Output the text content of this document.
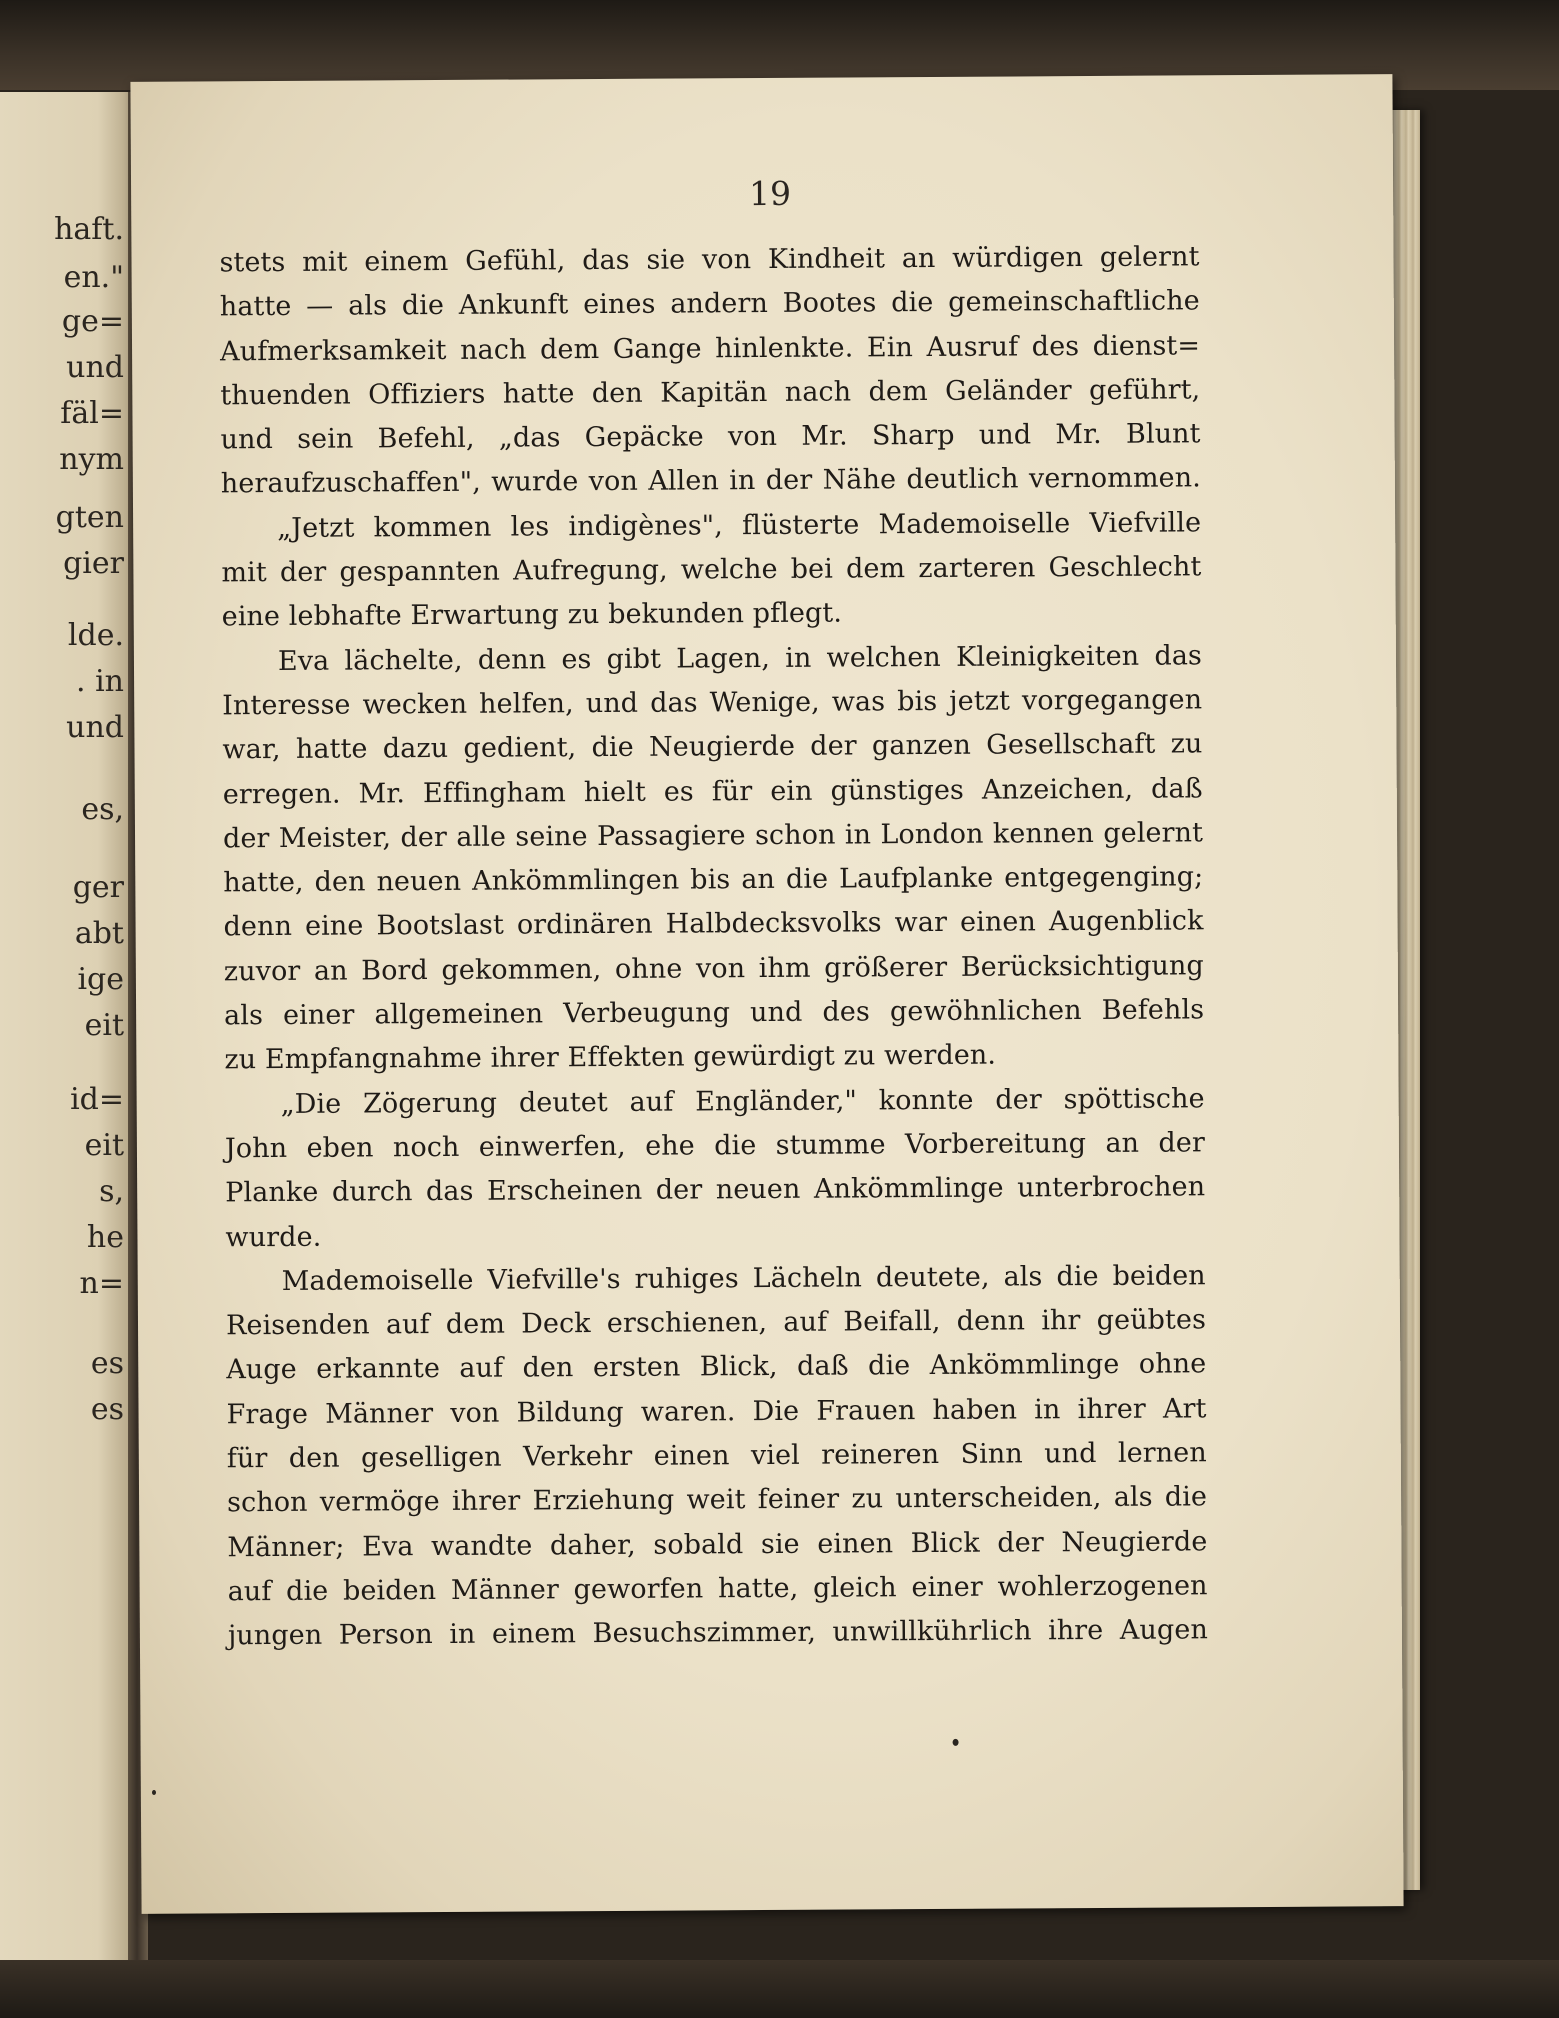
haft.
en."
ge=
und
fäl=
nym
gten
gier
lde.
. in
und
es,
ger
abt
ige
eit
id=
eit
s,
he
n=
es
es
19
stets mit einem Gefühl, das sie von Kindheit an würdigen gelernt
hatte — als die Ankunft eines andern Bootes die gemeinschaftliche
Aufmerksamkeit nach dem Gange hinlenkte. Ein Ausruf des dienst=
thuenden Offiziers hatte den Kapitän nach dem Geländer geführt,
und sein Befehl, „das Gepäcke von Mr. Sharp und Mr. Blunt
heraufzuschaffen", wurde von Allen in der Nähe deutlich vernommen.
„Jetzt kommen les indigènes", flüsterte Mademoiselle Viefville
mit der gespannten Aufregung, welche bei dem zarteren Geschlecht
eine lebhafte Erwartung zu bekunden pflegt.
Eva lächelte, denn es gibt Lagen, in welchen Kleinigkeiten das
Interesse wecken helfen, und das Wenige, was bis jetzt vorgegangen
war, hatte dazu gedient, die Neugierde der ganzen Gesellschaft zu
erregen. Mr. Effingham hielt es für ein günstiges Anzeichen, daß
der Meister, der alle seine Passagiere schon in London kennen gelernt
hatte, den neuen Ankömmlingen bis an die Laufplanke entgegenging;
denn eine Bootslast ordinären Halbdecksvolks war einen Augenblick
zuvor an Bord gekommen, ohne von ihm größerer Berücksichtigung
als einer allgemeinen Verbeugung und des gewöhnlichen Befehls
zu Empfangnahme ihrer Effekten gewürdigt zu werden.
„Die Zögerung deutet auf Engländer," konnte der spöttische
John eben noch einwerfen, ehe die stumme Vorbereitung an der
Planke durch das Erscheinen der neuen Ankömmlinge unterbrochen
wurde.
Mademoiselle Viefville's ruhiges Lächeln deutete, als die beiden
Reisenden auf dem Deck erschienen, auf Beifall, denn ihr geübtes
Auge erkannte auf den ersten Blick, daß die Ankömmlinge ohne
Frage Männer von Bildung waren. Die Frauen haben in ihrer Art
für den geselligen Verkehr einen viel reineren Sinn und lernen
schon vermöge ihrer Erziehung weit feiner zu unterscheiden, als die
Männer; Eva wandte daher, sobald sie einen Blick der Neugierde
auf die beiden Männer geworfen hatte, gleich einer wohlerzogenen
jungen Person in einem Besuchszimmer, unwillkührlich ihre Augen
